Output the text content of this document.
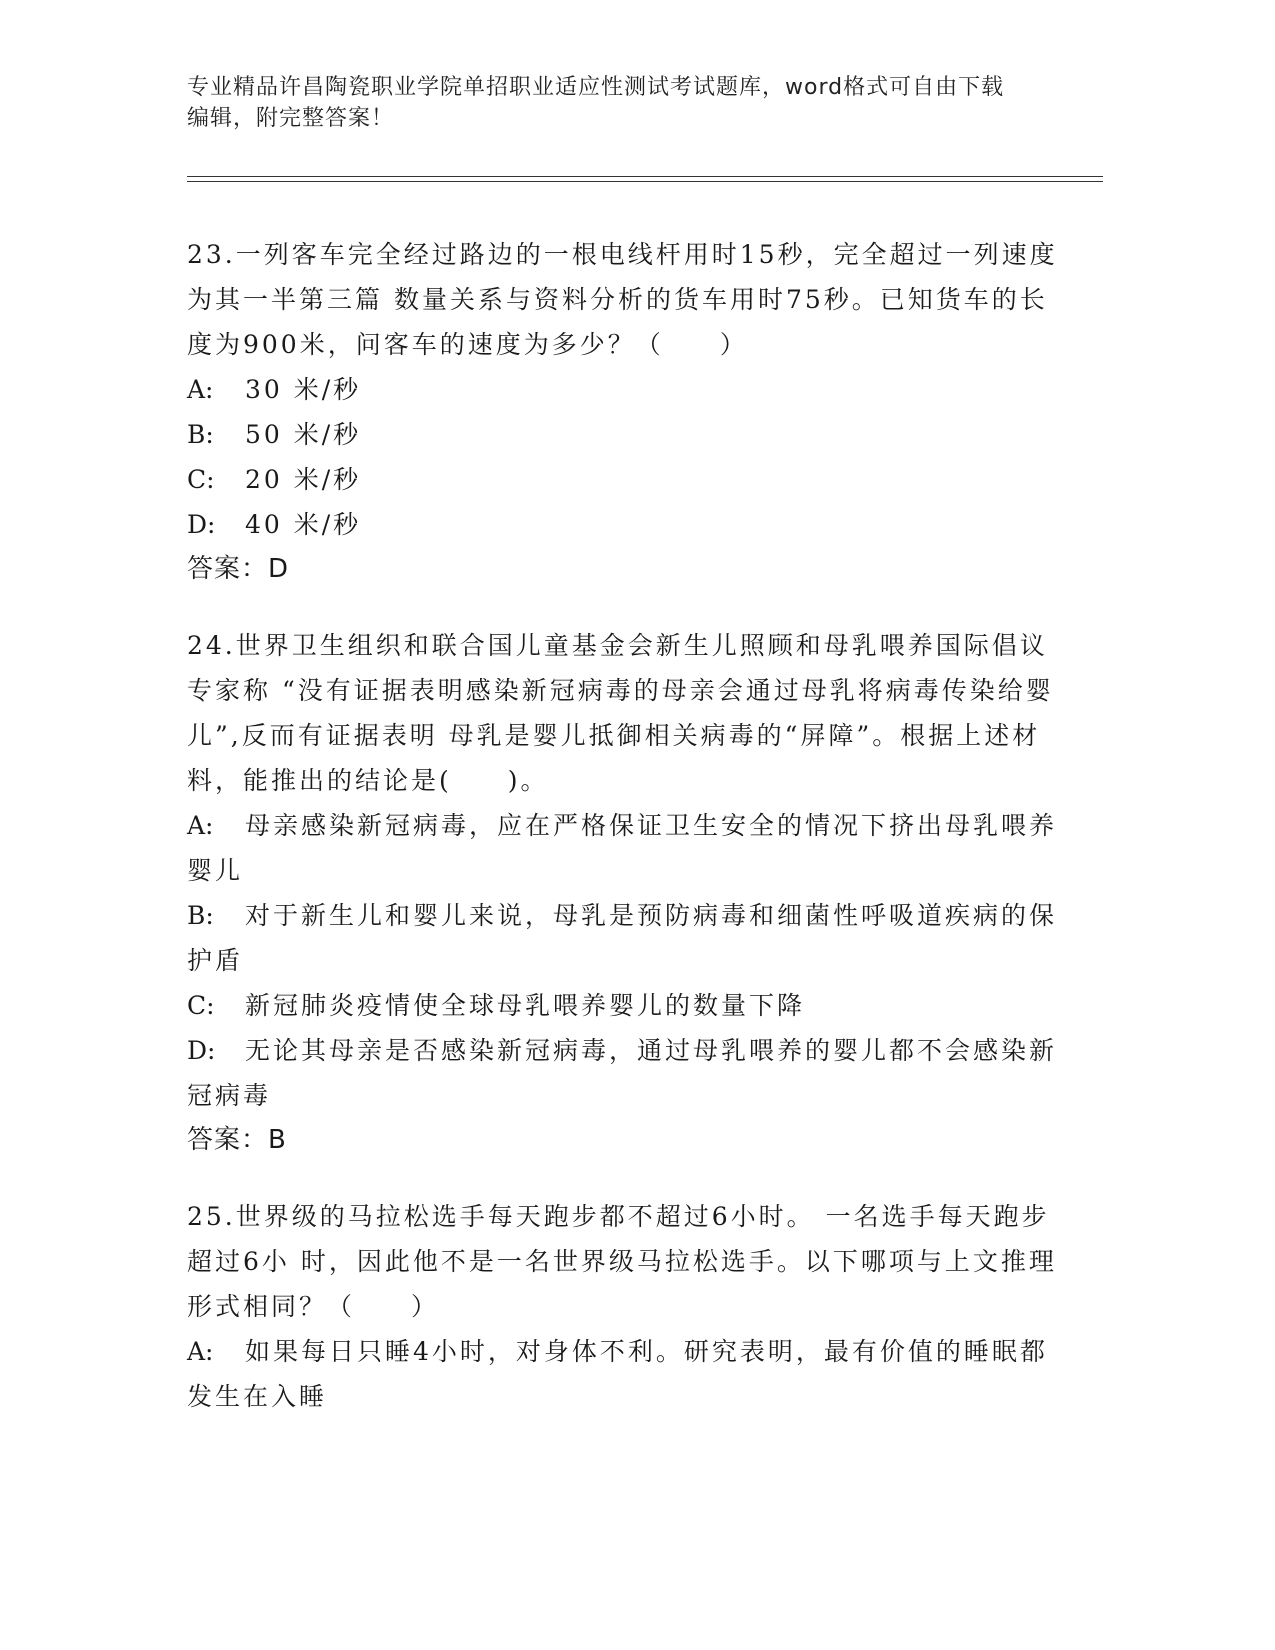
专业精品许昌陶瓷职业学院单招职业适应性测试考试题库，word格式可自由下载
编辑，附完整答案！

23.一列客车完全经过路边的一根电线杆用时15秒，完全超过一列速度为其一半第三篇 数量关系与资料分析的货车用时75秒。已知货车的长度为900米，问客车的速度为多少？（　　）

A:	30 米/秒

B:	50 米/秒

C:	20 米/秒

D:	40 米/秒

答案：D

24.世界卫生组织和联合国儿童基金会新生儿照顾和母乳喂养国际倡议专家称 “没有证据表明感染新冠病毒的母亲会通过母乳将病毒传染给婴儿”,反而有证据表明 母乳是婴儿抵御相关病毒的“屏障”。根据上述材料，能推出的结论是(　　)。

A: 母亲感染新冠病毒，应在严格保证卫生安全的情况下挤出母乳喂养婴儿

B: 对于新生儿和婴儿来说，母乳是预防病毒和细菌性呼吸道疾病的保护盾

C: 新冠肺炎疫情使全球母乳喂养婴儿的数量下降

D: 无论其母亲是否感染新冠病毒，通过母乳喂养的婴儿都不会感染新冠病毒

答案：B

25.世界级的马拉松选手每天跑步都不超过6小时。 一名选手每天跑步超过6小 时，因此他不是一名世界级马拉松选手。以下哪项与上文推理形式相同？（　　）

A: 如果每日只睡4小时，对身体不利。研究表明，最有价值的睡眠都发生在入睡
